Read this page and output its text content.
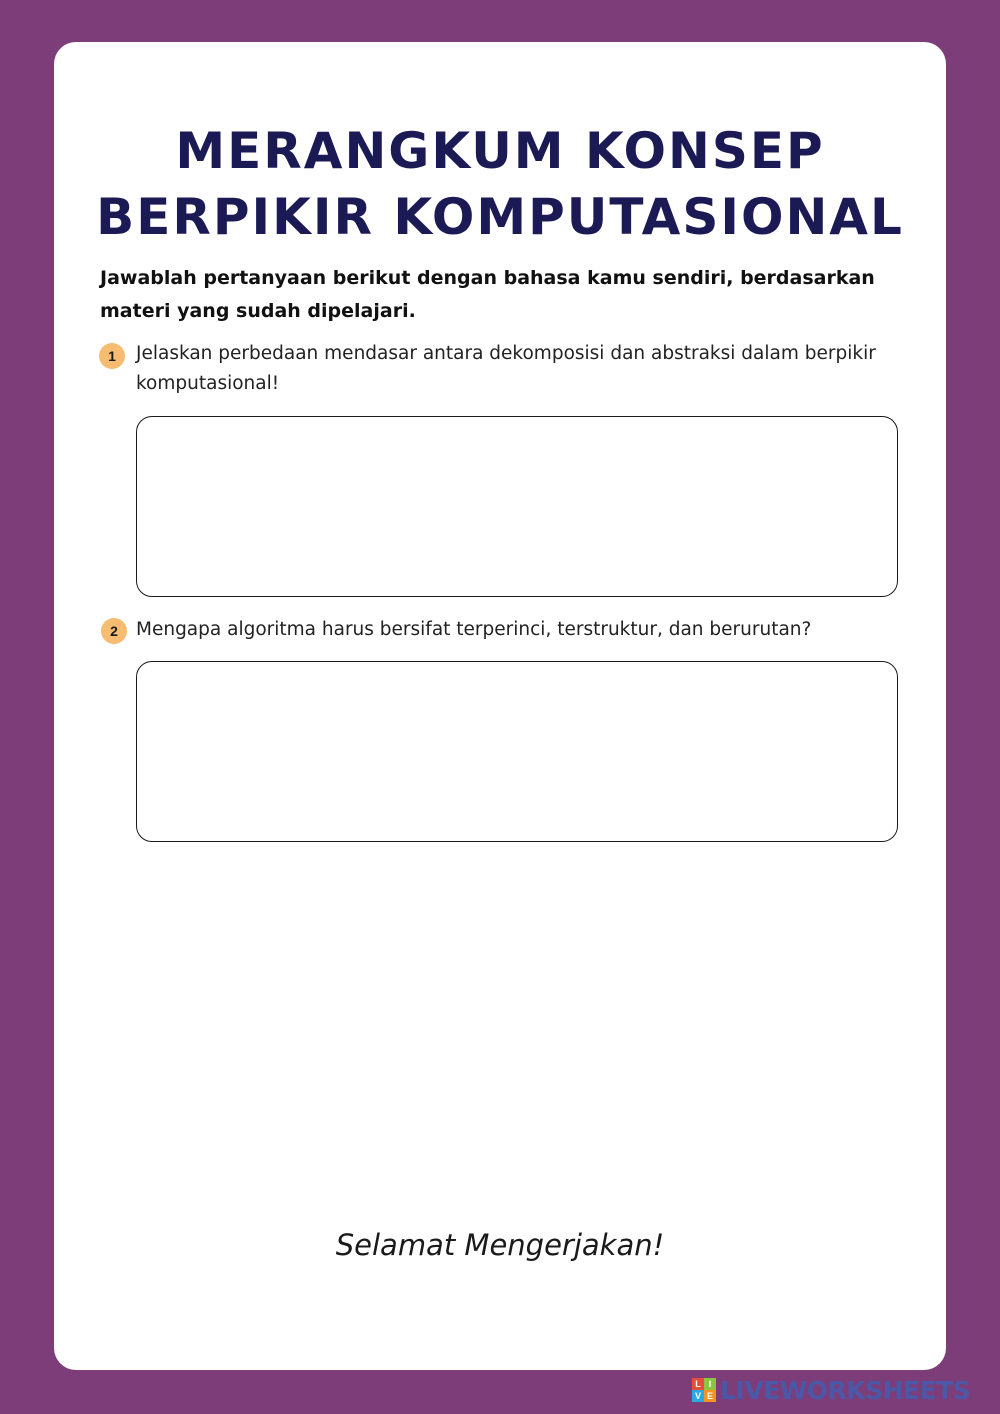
MERANGKUM KONSEP
BERPIKIR KOMPUTASIONAL

Jawablah pertanyaan berikut dengan bahasa kamu sendiri, berdasarkan materi yang sudah dipelajari.

1	Jelaskan perbedaan mendasar antara dekomposisi dan abstraksi dalam berpikir komputasional!

2 Mengapa algoritma harus bersifat terperinci, terstruktur, dan berurutan?

Selamat Mengerjakan!
L I
V E LIVEWORKSHEETS
